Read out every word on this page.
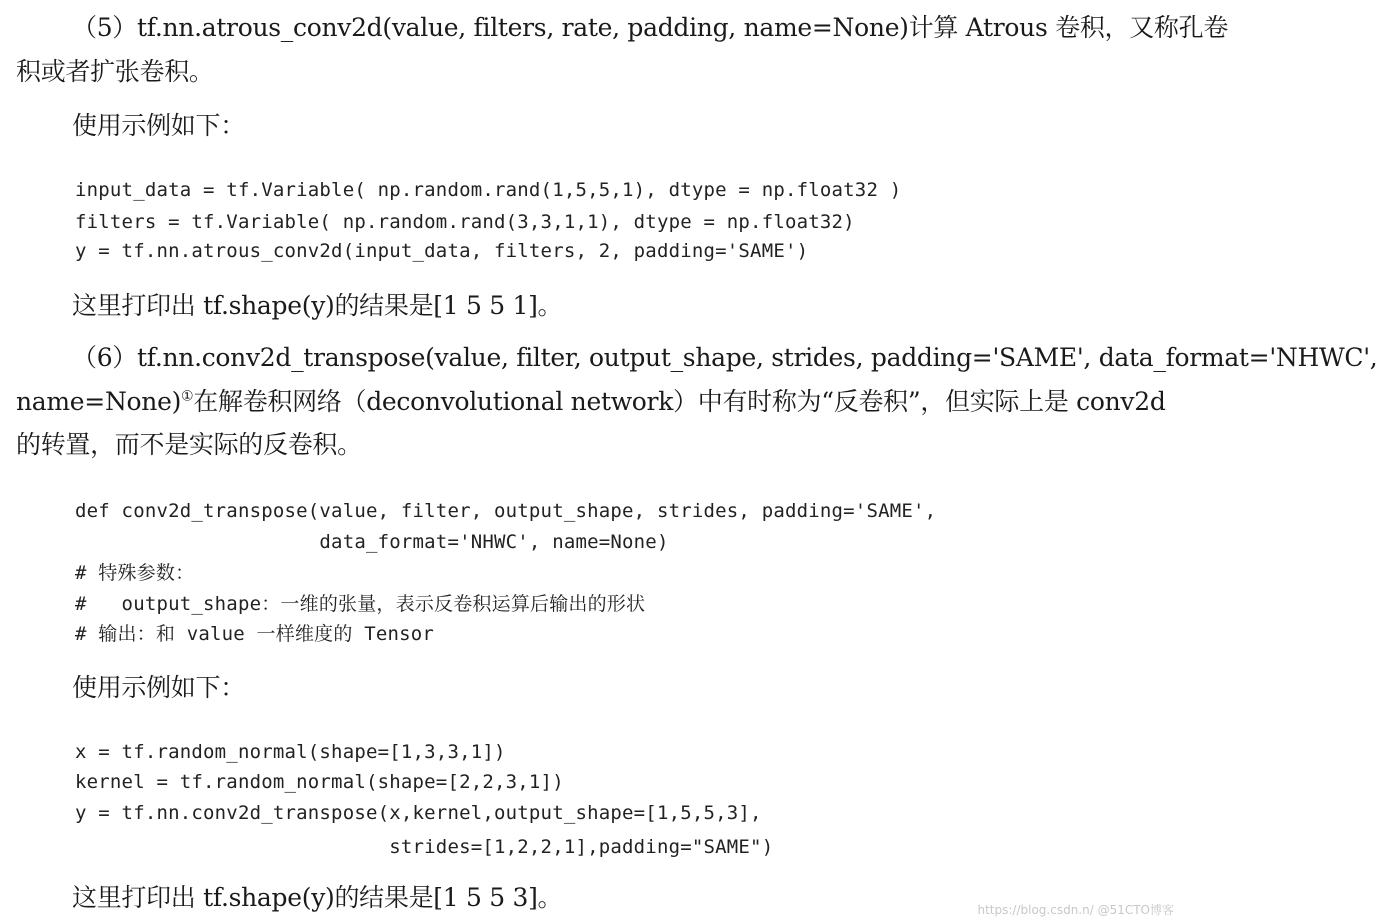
（5）tf.nn.atrous_conv2d(value, filters, rate, padding, name=None)计算 Atrous 卷积，又称孔卷

积或者扩张卷积。

使用示例如下：

input_data = tf.Variable( np.random.rand(1,5,5,1), dtype = np.float32 )
filters = tf.Variable( np.random.rand(3,3,1,1), dtype = np.float32)
y = tf.nn.atrous_conv2d(input_data, filters, 2, padding='SAME')

这里打印出 tf.shape(y)的结果是[1 5 5 1]。

（6）tf.nn.conv2d_transpose(value, filter, output_shape, strides, padding='SAME', data_format='NHWC',

name=None)①在解卷积网络（deconvolutional network）中有时称为“反卷积”，但实际上是 conv2d

的转置，而不是实际的反卷积。

def conv2d_transpose(value, filter, output_shape, strides, padding='SAME',
data_format='NHWC', name=None)
# 特殊参数：
#   output_shape：一维的张量，表示反卷积运算后输出的形状
# 输出：和 value 一样维度的 Tensor

使用示例如下：

x = tf.random_normal(shape=[1,3,3,1])
kernel = tf.random_normal(shape=[2,2,3,1])
y = tf.nn.conv2d_transpose(x,kernel,output_shape=[1,5,5,3],
strides=[1,2,2,1],padding="SAME")

这里打印出 tf.shape(y)的结果是[1 5 5 3]。	https://blog.csdn.n/ @51CTO博客
